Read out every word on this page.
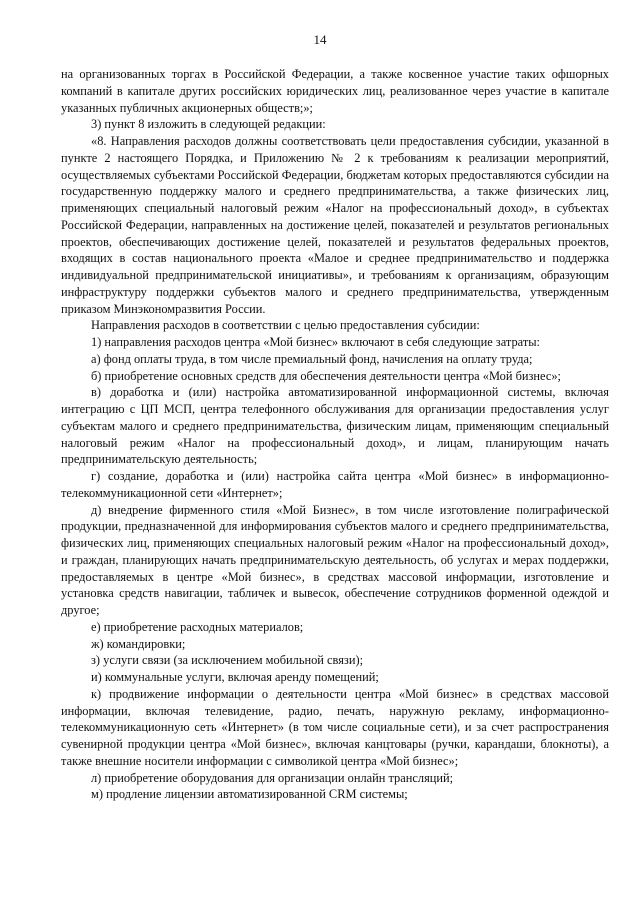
14

на организованных торгах в Российской Федерации, а также косвенное участие таких офшорных компаний в капитале других российских юридических лиц, реализованное через участие в капитале указанных публичных акционерных обществ;»;

3) пункт 8 изложить в следующей редакции:

«8. Направления расходов должны соответствовать цели предоставления субсидии, указанной в пункте 2 настоящего Порядка, и Приложению № 2 к требованиям к реализации мероприятий, осуществляемых субъектами Российской Федерации, бюджетам которых предоставляются субсидии на государственную поддержку малого и среднего предпринимательства, а также физических лиц, применяющих специальный налоговый режим «Налог на профессиональный доход», в субъектах Российской Федерации, направленных на достижение целей, показателей и результатов региональных проектов, обеспечивающих достижение целей, показателей и результатов федеральных проектов, входящих в состав национального проекта «Малое и среднее предпринимательство и поддержка индивидуальной предпринимательской инициативы», и требованиям к организациям, образующим инфраструктуру поддержки субъектов малого и среднего предпринимательства, утвержденным приказом Минэкономразвития России.

Направления расходов в соответствии с целью предоставления субсидии:

1) направления расходов центра «Мой бизнес» включают в себя следующие затраты:

а) фонд оплаты труда, в том числе премиальный фонд, начисления на оплату труда;

б) приобретение основных средств для обеспечения деятельности центра «Мой бизнес»;

в) доработка и (или) настройка автоматизированной информационной системы, включая интеграцию с ЦП МСП, центра телефонного обслуживания для организации предоставления услуг субъектам малого и среднего предпринимательства, физическим лицам, применяющим специальный налоговый режим «Налог на профессиональный доход», и лицам, планирующим начать предпринимательскую деятельность;

г) создание, доработка и (или) настройка сайта центра «Мой бизнес» в информационно-телекоммуникационной сети «Интернет»;

д) внедрение фирменного стиля «Мой Бизнес», в том числе изготовление полиграфической продукции, предназначенной для информирования субъектов малого и среднего предпринимательства, физических лиц, применяющих специальных налоговый режим «Налог на профессиональный доход», и граждан, планирующих начать предпринимательскую деятельность, об услугах и мерах поддержки, предоставляемых в центре «Мой бизнес», в средствах массовой информации, изготовление и установка средств навигации, табличек и вывесок, обеспечение сотрудников форменной одеждой и другое;

е) приобретение расходных материалов;

ж) командировки;

з) услуги связи (за исключением мобильной связи);

и) коммунальные услуги, включая аренду помещений;

к) продвижение информации о деятельности центра «Мой бизнес» в средствах массовой информации, включая телевидение, радио, печать, наружную рекламу, информационно-телекоммуникационную сеть «Интернет» (в том числе социальные сети), и за счет распространения сувенирной продукции центра «Мой бизнес», включая канцтовары (ручки, карандаши, блокноты), а также внешние носители информации с символикой центра «Мой бизнес»;

л) приобретение оборудования для организации онлайн трансляций;

м) продление лицензии автоматизированной CRM системы;
